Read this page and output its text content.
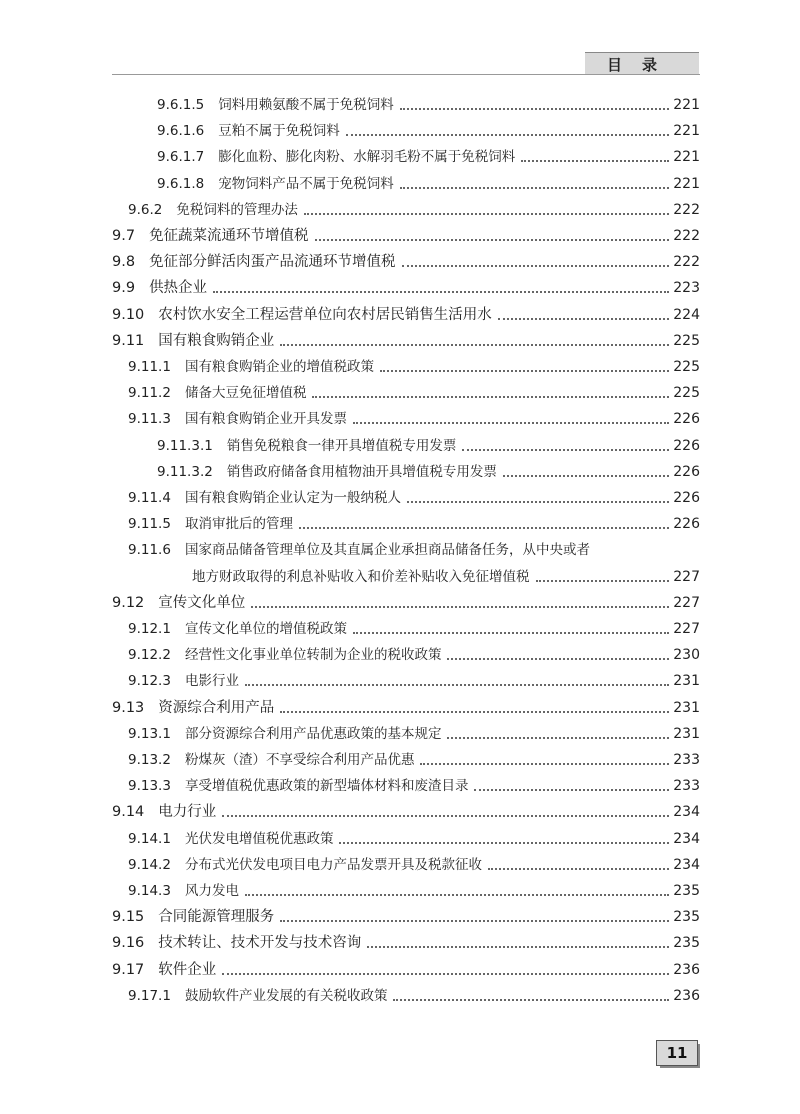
目录
9.6.1.5 饲料用赖氨酸不属于免税饲料	221
9.6.1.6 豆粕不属于免税饲料	221
9.6.1.7 膨化血粉、膨化肉粉、水解羽毛粉不属于免税饲料	221
9.6.1.8 宠物饲料产品不属于免税饲料	221
9.6.2 免税饲料的管理办法	222
9.7 免征蔬菜流通环节增值税	222
9.8 免征部分鲜活肉蛋产品流通环节增值税	222
9.9 供热企业	223
9.10 农村饮水安全工程运营单位向农村居民销售生活用水	224
9.11 国有粮食购销企业	225
9.11.1 国有粮食购销企业的增值税政策	225
9.11.2 储备大豆免征增值税	225
9.11.3 国有粮食购销企业开具发票	226
9.11.3.1 销售免税粮食一律开具增值税专用发票	226
9.11.3.2 销售政府储备食用植物油开具增值税专用发票	226
9.11.4 国有粮食购销企业认定为一般纳税人	226
9.11.5 取消审批后的管理	226
9.11.6 国家商品储备管理单位及其直属企业承担商品储备任务，从中央或者
地方财政取得的利息补贴收入和价差补贴收入免征增值税	227
9.12 宣传文化单位	227
9.12.1 宣传文化单位的增值税政策	227
9.12.2 经营性文化事业单位转制为企业的税收政策	230
9.12.3 电影行业	231
9.13 资源综合利用产品	231
9.13.1 部分资源综合利用产品优惠政策的基本规定	231
9.13.2 粉煤灰（渣）不享受综合利用产品优惠	233
9.13.3 享受增值税优惠政策的新型墙体材料和废渣目录	233
9.14 电力行业	234
9.14.1 光伏发电增值税优惠政策	234
9.14.2 分布式光伏发电项目电力产品发票开具及税款征收	234
9.14.3 风力发电	235
9.15 合同能源管理服务	235
9.16 技术转让、技术开发与技术咨询	235
9.17 软件企业	236
9.17.1 鼓励软件产业发展的有关税收政策	236
11
